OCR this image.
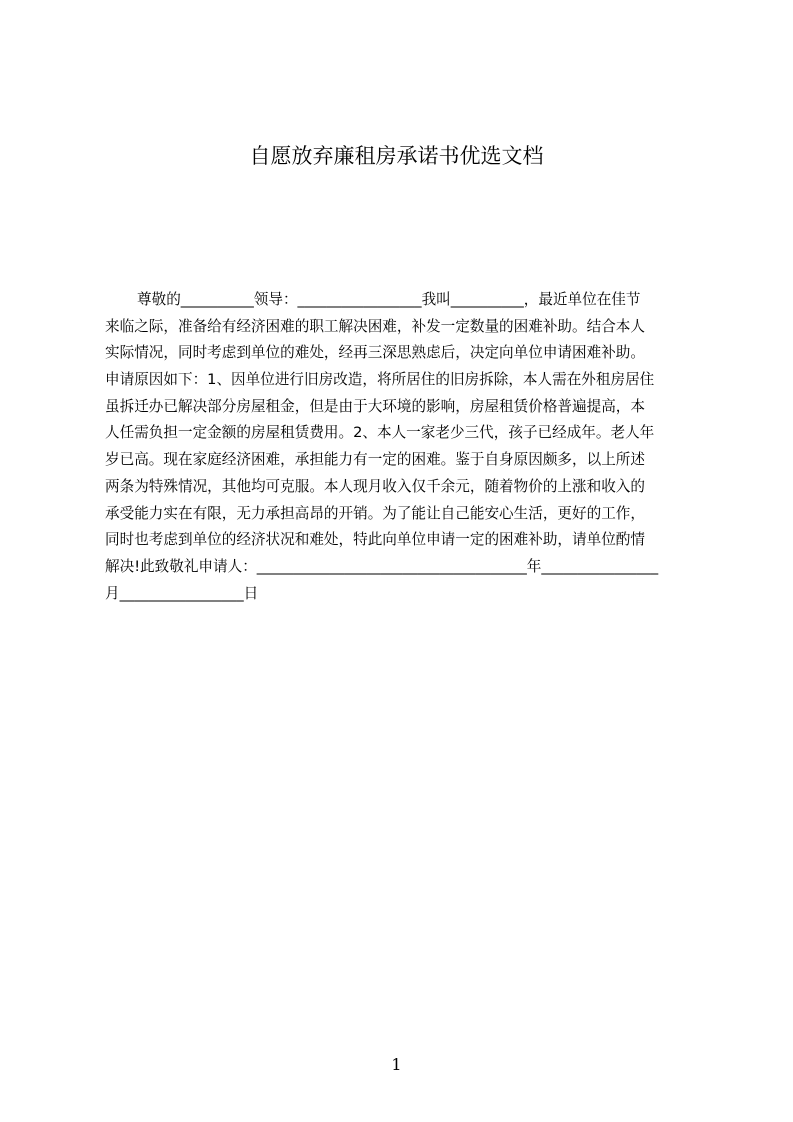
自愿放弃廉租房承诺书优选文档
尊敬的__________领导：_________________我叫__________，最近单位在佳节
来临之际，准备给有经济困难的职工解决困难，补发一定数量的困难补助。结合本人
实际情况，同时考虑到单位的难处，经再三深思熟虑后，决定向单位申请困难补助。
申请原因如下：1、因单位进行旧房改造，将所居住的旧房拆除，本人需在外租房居住
虽拆迁办已解决部分房屋租金，但是由于大环境的影响，房屋租赁价格普遍提高，本
人任需负担一定金额的房屋租赁费用。2、本人一家老少三代，孩子已经成年。老人年
岁已高。现在家庭经济困难，承担能力有一定的困难。鉴于自身原因颇多，以上所述
两条为特殊情况，其他均可克服。本人现月收入仅千余元，随着物价的上涨和收入的
承受能力实在有限，无力承担高昂的开销。为了能让自己能安心生活，更好的工作，
同时也考虑到单位的经济状况和难处，特此向单位申请一定的困难补助，请单位酌情
解决!此致敬礼申请人：_____________________________________年________________
月_________________日
1
